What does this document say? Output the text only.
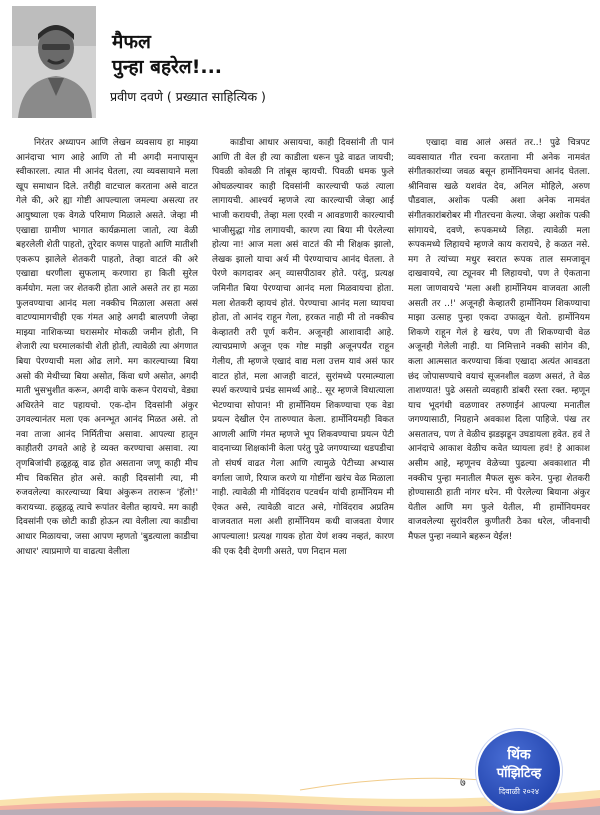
मैफल
पुन्हा बहरेल!...
प्रवीण दवणे ( प्रख्यात साहित्यिक )

निरंतर अध्यापन आणि लेखन व्यवसाय हा माझ्या आनंदाचा भाग आहे आणि तो मी अगदी मनापासून स्वीकारला. त्यात मी आनंद घेतला, त्या व्यवसायाने मला खूप समाधान दिले. तरीही वाटचाल करताना असे वाटत गेले की, अरे ह्या गोष्टी आपल्याला जमल्या असत्या तर आयुष्याला एक वेगळे परिमाण मिळाले असते. जेव्हा मी एखाद्या ग्रामीण भागात कार्यक्रमाला जातो, त्या वेळी बहरलेली शेती पाहतो, तुरेदार कणस पाहतो आणि मातीशी एकरूप झालेले शेतकरी पाहतो, तेव्हा वाटतं की अरे एखाद्या धरणीला सुफलाम् करणारा हा किती सुरेल कर्मयोग. मला जर शेतकरी होता आले असते तर हा मळा फुलवण्याचा आनंद मला नक्कीच मिळाला असता असं वाटण्यामागचीही एक गंमत आहे अगदी बालपणी जेव्हा माझ्या नाशिकच्या घरासमोर मोकळी जमीन होती, नि शेजारी त्या घरमालकांची शेती होती, त्यावेळी त्या अंगणात बिया पेरण्याची मला ओढ लागे. मग कारल्याच्या बिया असो की मेथीच्या बिया असोत, किंवा धणे असोत, अगदी माती भुसभुशीत करून, अगदी वाफे करून पेरायचो, वेड्या अधिरतेने वाट पहायचो. एक-दोन दिवसांनी अंकुर उगवल्यानंतर मला एक अनन्भूत आनंद मिळत असे. तो नवा ताजा आनंद निर्मितीचा असावा. आपल्या हातून काहीतरी उगवते आहे हे व्यक्त करण्याचा असावा. त्या तृणबिजांची हळूहळू वाढ होत असताना जणू काही मीच मीच विकसित होत असे. काही दिवसांनी त्या, मी रुजवलेल्या कारल्याच्या बिया अंकुरून तरारून 'हॅलो!' करायच्या. हळूहळू त्याचे रूपांतर वेलीत व्हायचे. मग काही दिवसांनी एक छोटी काडी होऊन त्या वेलीला त्या काडीचा आधार मिळायचा, जसा आपण म्हणतो 'बुडत्याला काडीचा आधार' त्याप्रमाणे या वाढत्या वेलीला

काडीचा आधार असायचा, काही दिवसांनी ती पानं आणि ती वेल ही त्या काडीला धरून पुढे वाढत जायची; पिवळी कोवळी नि तांबूस व्हायची. पिवळी धमक फुले ओघळल्यावर काही दिवसांनी कारल्याची फळं त्याला लागायची. आश्चर्य म्हणजे त्या कारल्याची जेव्हा आई भाजी करायची, तेव्हा मला एरवी न आवडणारी कारल्याची भाजीसुद्धा गोड लागायची, कारण त्या बिया मी पेरलेल्या होत्या ना! आज मला असं वाटतं की मी शिक्षक झालो, लेखक झालो याचा अर्थ मी पेरण्याचाच आनंद घेतला. ते पेरणे कागदावर अन् व्यासपीठावर होते. परंतु, प्रत्यक्ष जमिनीत बिया पेरण्याचा आनंद मला मिळवायचा होता. मला शेतकरी व्हायचं होतं. पेरण्याचा आनंद मला घ्यायचा होता, तो आनंद राहून गेला, हरकत नाही मी तो नक्कीच केव्हातरी तरी पूर्ण करीन. अजूनही आशावादी आहे. त्याचप्रमाणे अजून एक गोष्ट माझी अजूनपर्यंत राहून गेलीय, ती म्हणजे एखादं वाद्य मला उत्तम यावं असं फार वाटत होतं, मला आजही वाटतं, सुरांमध्ये परमात्म्याला स्पर्श करण्याचे प्रचंड सामर्थ्य आहे.. सूर म्हणजे विधात्याला भेटण्याचा सोपान! मी हार्मोनियम शिकण्याचा एक वेडा प्रयत्न देखील ऐन तारुण्यात केला. हार्मोनियमही विकत आणली आणि गंमत म्हणजे भूप शिकवण्याचा प्रयत्न पेटी वादनाच्या शिक्षकांनी केला परंतु पुढे जगण्याच्या धडपडीचा तो संघर्ष वाढत गेला आणि त्यामुळे पेटीच्या अभ्यास वर्गाला जाणे, रियाज करणे या गोष्टींना खरंच वेळ मिळाला नाही. त्यावेळी मी गोविंदराव पटवर्धन यांची हार्मोनियम मी ऐकत असे, त्यावेळी वाटत असे, गोविंदराव अप्रतिम वाजवतात मला अशी हार्मोनियम कधी वाजवता येणार आपल्याला! प्रत्यक्ष गायक होता येणं शक्य नव्हतं, कारण की एक दैवी देणगी असते, पण निदान मला

एखादा वाद्य आलं असतं तर..! पुढे चित्रपट व्यवसायात गीत रचना करताना मी अनेक नामवंत संगीतकारांच्या जवळ बसून हार्मोनियमचा आनंद घेतला. श्रीनिवास खळे यशवंत देव, अनिल मोहिले, अरुण पौडवाल, अशोक पत्की अशा अनेक नामवंत संगीतकारांबरोबर मी गीतरचना केल्या. जेव्हा अशोक पत्की सांगायचे, दवणे, रूपकमध्ये लिहा. त्यावेळी मला रूपकमध्ये लिहायचे म्हणजे काय करायचे, हे कळत नसे. मग ते त्यांच्या मधुर स्वरात रूपक ताल समजावून दाखवायचे, त्या ट्यूनवर मी लिहायचो, पण ते ऐकताना मला जाणवायचे 'मला अशी हार्मोनियम वाजवता आली असती तर ..!' अजूनही केव्हातरी हार्मोनियम शिकण्याचा माझा उत्साह पुन्हा एकदा उफाळून येतो. हार्मोनियम शिकणे राहून गेलं हे खरंय, पण ती शिकण्याची वेळ अजूनही गेलेली नाही. या निमित्ताने नक्की सांगेन की, कला आत्मसात करण्याचा किंवा एखादा अत्यंत आवडता छंद जोपासण्याचे वयाचं सूजनशील वळण असतं, ते वेळ ताशण्यात! पुढे असतो व्यवहारी डांबरी रस्ता रक्त. म्हणून याच भूदगंधी वळणावर तरुणाईनं आपल्या मनातील जगण्यासाठी, निग्रहाने अवकाश दिला पाहिजे. पंख तर असतातच, पण ते वेळीच झडझडून उघडायला हवेत. हवं ते आनंदाचे आकाश वेळीच कवेत घ्यायला हवं! हे आकाश असीम आहे, म्हणूनच वेळेच्या पुढल्या अवकाशात मी नक्कीच पुन्हा मनातील मैफल सुरू करेन. पुन्हा शेतकरी होण्यासाठी हाती नांगर धरेन. मी पेरलेल्या बियाना अंकुर येतील आणि मग फुले येतील, मी हार्मोनियमवर वाजवलेल्या सुरांवरील कुणीतरी ठेका धरेल, जीवनाची मैफल पुन्हा नव्याने बहरून येईल!

७
थिंक
पॉझिटिव्ह
दिवाळी २०२४
